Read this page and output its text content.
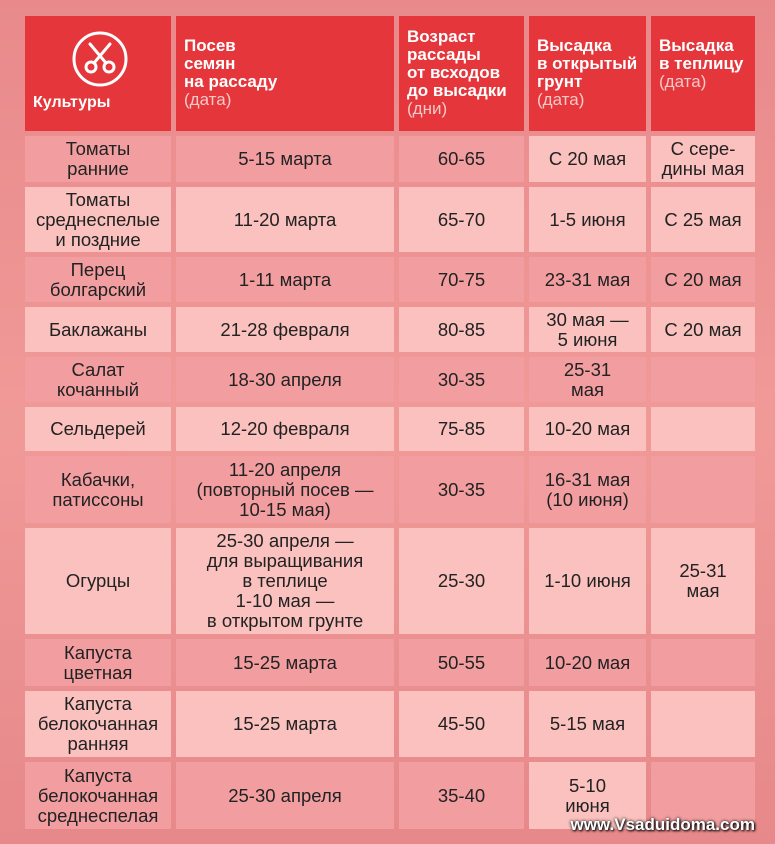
Культуры	Посев
семян
на рассаду
(дата)	Возраст
рассады
от всходов
до высадки
(дни)	Высадка
в открытый
грунт
(дата)	Высадка
в теплицу
(дата)

Томаты
ранние	5-15 марта	60-65	С 20 мая	С сере-
дины мая

Томаты
среднеспелые
и поздние	11-20 марта	65-70	1-5 июня	С 25 мая

Перец
болгарский	1-11 марта	70-75	23-31 мая	С 20 мая

Баклажаны	21-28 февраля	80-85	30 мая —
5 июня	С 20 мая

Салат
кочанный	18-30 апреля	30-35	25-31
мая	

Сельдерей	12-20 февраля	75-85	10-20 мая	

Кабачки,
патиссоны	11-20 апреля
(повторный посев —
10-15 мая)	30-35	16-31 мая
(10 июня)	

Огурцы	25-30 апреля —
для выращивания
в теплице
1-10 мая —
в открытом грунте	25-30	1-10 июня	25-31
мая

Капуста
цветная	15-25 марта	50-55	10-20 мая	

Капуста
белокочанная
ранняя	15-25 марта	45-50	5-15 мая	

Капуста
белокочанная
среднеспелая	25-30 апреля	35-40	5-10
июня	

www.Vsaduidoma.com
